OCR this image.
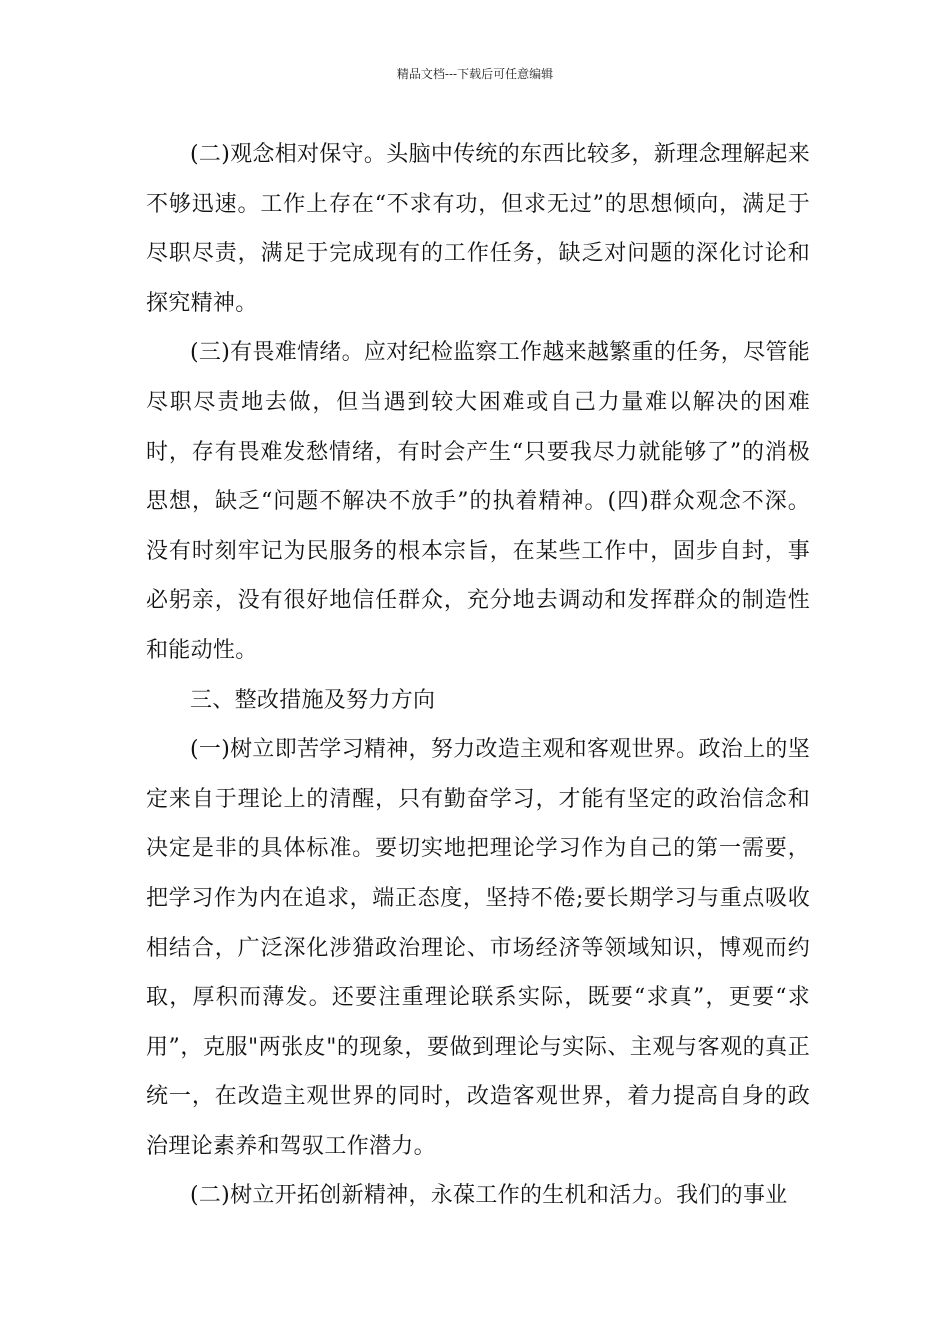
精品文档---下载后可任意编辑

(二)观念相对保守。头脑中传统的东西比较多，新理念理解起来不够迅速。工作上存在“不求有功，但求无过”的思想倾向，满足于尽职尽责，满足于完成现有的工作任务，缺乏对问题的深化讨论和探究精神。

(三)有畏难情绪。应对纪检监察工作越来越繁重的任务，尽管能尽职尽责地去做，但当遇到较大困难或自己力量难以解决的困难时，存有畏难发愁情绪，有时会产生“只要我尽力就能够了”的消极思想，缺乏“问题不解决不放手”的执着精神。(四)群众观念不深。没有时刻牢记为民服务的根本宗旨，在某些工作中，固步自封，事必躬亲，没有很好地信任群众，充分地去调动和发挥群众的制造性和能动性。

三、整改措施及努力方向

(一)树立即苦学习精神，努力改造主观和客观世界。政治上的坚定来自于理论上的清醒，只有勤奋学习，才能有坚定的政治信念和决定是非的具体标准。要切实地把理论学习作为自己的第一需要，把学习作为内在追求，端正态度，坚持不倦;要长期学习与重点吸收相结合，广泛深化涉猎政治理论、市场经济等领域知识，博观而约取，厚积而薄发。还要注重理论联系实际，既要“求真”，更要“求用”，克服"两张皮"的现象，要做到理论与实际、主观与客观的真正统一，在改造主观世界的同时，改造客观世界，着力提高自身的政治理论素养和驾驭工作潜力。

(二)树立开拓创新精神，永葆工作的生机和活力。我们的事业
